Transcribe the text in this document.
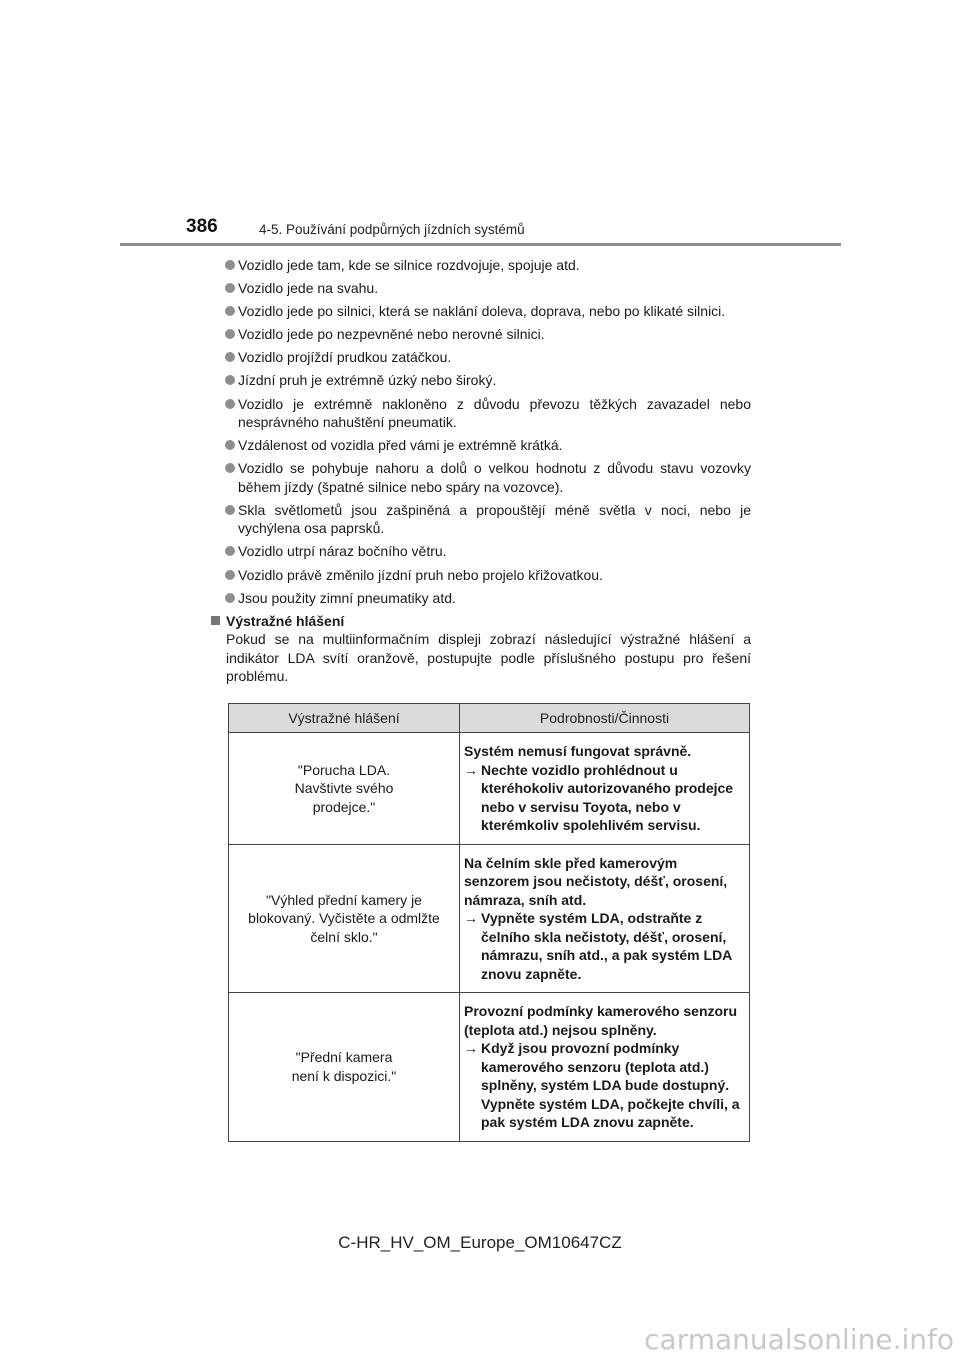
386	4-5. Používání podpůrných jízdních systémů
Vozidlo jede tam, kde se silnice rozdvojuje, spojuje atd.
Vozidlo jede na svahu.
Vozidlo jede po silnici, která se naklání doleva, doprava, nebo po klikaté silnici.
Vozidlo jede po nezpevněné nebo nerovné silnici.
Vozidlo projíždí prudkou zatáčkou.
Jízdní pruh je extrémně úzký nebo široký.
Vozidlo je extrémně nakloněno z důvodu převozu těžkých zavazadel nebo nesprávného nahuštění pneumatik.
Vzdálenost od vozidla před vámi je extrémně krátká.
Vozidlo se pohybuje nahoru a dolů o velkou hodnotu z důvodu stavu vozovky během jízdy (špatné silnice nebo spáry na vozovce).
Skla světlometů jsou zašpiněná a propouštějí méně světla v noci, nebo je vychýlena osa paprsků.
Vozidlo utrpí náraz bočního větru.
Vozidlo právě změnilo jízdní pruh nebo projelo křižovatkou.
Jsou použity zimní pneumatiky atd.
Výstražné hlášení

Pokud se na multiinformačním displeji zobrazí následující výstražné hlášení a indikátor LDA svítí oranžově, postupujte podle příslušného postupu pro řešení problému.

Výstražné hlášení	Podrobnosti/Činnosti

"Porucha LDA. Navštivte svého prodejce."	Systém nemusí fungovat správně.
→ Nechte vozidlo prohlédnout u kteréhokoliv autorizovaného prodejce nebo v servisu Toyota, nebo v kterémkoliv spolehlivém servisu.

"Výhled přední kamery je blokovaný. Vyčistěte a odmlžte čelní sklo."	Na čelním skle před kamerovým senzorem jsou nečistoty, déšť, orosení, námraza, sníh atd.
→ Vypněte systém LDA, odstraňte z čelního skla nečistoty, déšť, orosení, námrazu, sníh atd., a pak systém LDA znovu zapněte.

"Přední kamera není k dispozici."	Provozní podmínky kamerového senzoru (teplota atd.) nejsou splněny.
→ Když jsou provozní podmínky kamerového senzoru (teplota atd.) splněny, systém LDA bude dostupný.
Vypněte systém LDA, počkejte chvíli, a pak systém LDA znovu zapněte.
C-HR_HV_OM_Europe_OM10647CZ
carmanualsonline.info
